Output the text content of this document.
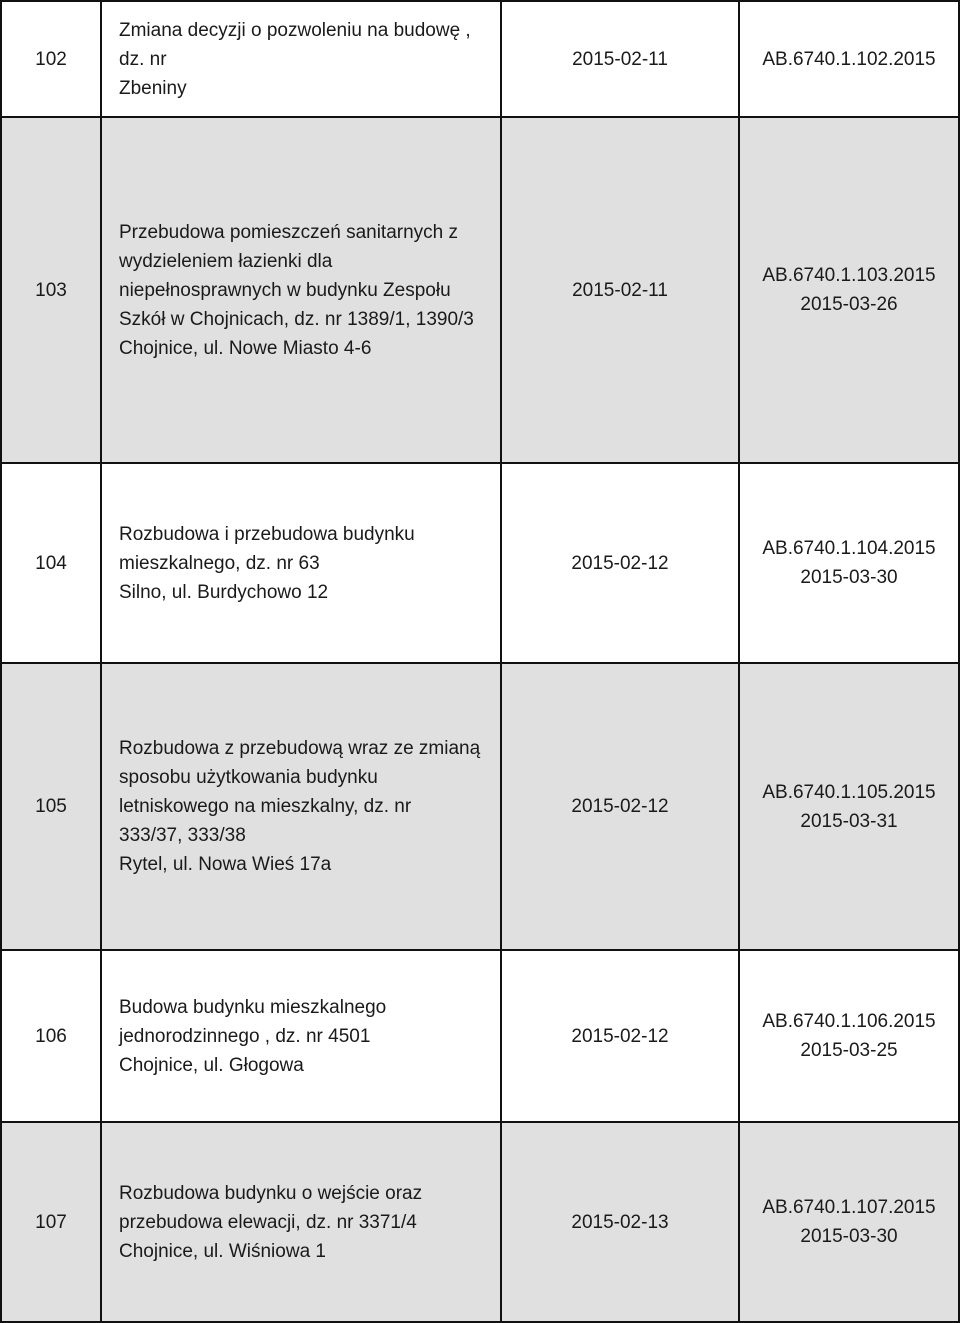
102	Zmiana decyzji o pozwoleniu na budowę ,
dz. nr
Zbeniny	2015-02-11	AB.6740.1.102.2015

103	Przebudowa pomieszczeń sanitarnych z
wydzieleniem łazienki dla
niepełnosprawnych w budynku Zespołu
Szkół w Chojnicach, dz. nr 1389/1, 1390/3
Chojnice, ul. Nowe Miasto 4-6	2015-02-11	AB.6740.1.103.2015
2015-03-26

104	Rozbudowa i przebudowa budynku
mieszkalnego, dz. nr 63
Silno, ul. Burdychowo 12	2015-02-12	AB.6740.1.104.2015
2015-03-30

105	Rozbudowa z przebudową wraz ze zmianą
sposobu użytkowania budynku
letniskowego na mieszkalny, dz. nr
333/37, 333/38
Rytel, ul. Nowa Wieś 17a	2015-02-12	AB.6740.1.105.2015
2015-03-31

106	Budowa budynku mieszkalnego
jednorodzinnego , dz. nr 4501
Chojnice, ul. Głogowa	2015-02-12	AB.6740.1.106.2015
2015-03-25

107	Rozbudowa budynku o wejście oraz
przebudowa elewacji, dz. nr 3371/4
Chojnice, ul. Wiśniowa 1	2015-02-13	AB.6740.1.107.2015
2015-03-30
